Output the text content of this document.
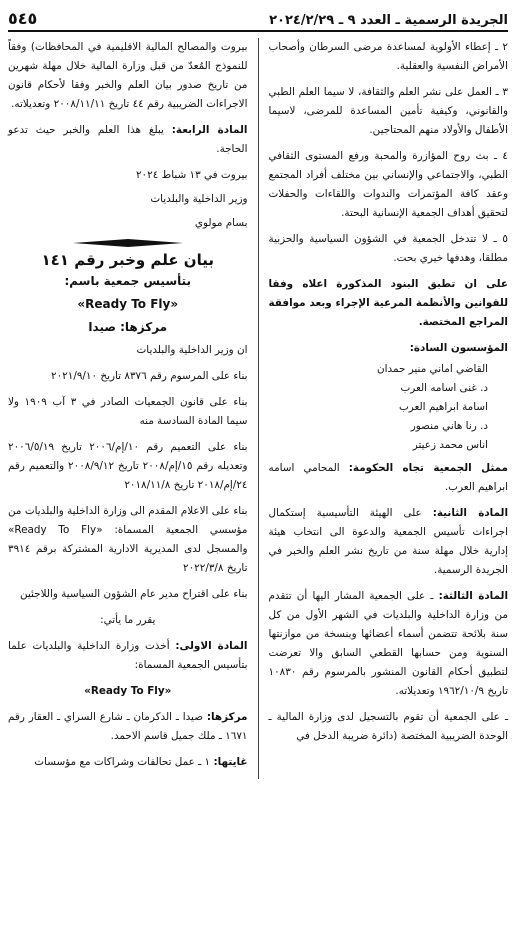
الجريدة الرسمية ـ العدد ٩ ـ ٢٠٢٤/٢/٢٩
٥٤٥

٢ ـ إعطاء الأولوية لمساعدة مرضى السرطان وأصحاب الأمراض النفسية والعقلية.

٣ ـ العمل على نشر العلم والثقافة، لا سيما العلم الطبي والقانوني، وكيفية تأمين المساعدة للمرضى، لاسيما الأطفال والأولاد منهم المحتاجين.

٤ ـ بث روح المؤازرة والمحبة ورفع المستوى الثقافي الطبي، والاجتماعي والإنساني بين مختلف أفراد المجتمع وعقد كافة المؤتمرات والندوات واللقاءات والحفلات لتحقيق أهداف الجمعية الإنسانية البحتة.

٥ ـ لا تتدخل الجمعية في الشؤون السياسية والحزبية مطلقا، وهدفها خيري بحت.

على ان تطبق البنود المذكورة اعلاه وفقا للقوانين والأنظمة المرعية الإجراء وبعد موافقة المراجع المختصة.

المؤسسون السادة:

القاضي اماني منير حمدان
د. غنى اسامه العرب
اسامة ابراهيم العرب
د. رنا هاني منصور
اناس محمد زعيتر

ممثل الجمعية تجاه الحكومة: المحامي اسامه ابراهيم العرب.

المادة الثانية: على الهيئة التأسيسية إستكمال اجراءات تأسيس الجمعية والدعوة الى انتخاب هيئة إدارية خلال مهلة سنة من تاريخ نشر العلم والخبر في الجريدة الرسمية.

المادة الثالثة: ـ على الجمعية المشار اليها أن تتقدم من وزارة الداخلية والبلديات في الشهر الأول من كل سنة بلائحة تتضمن أسماء أعضائها وبنسخة من موازنتها السنوية ومن حسابها القطعي السابق والا تعرضت لتطبيق أحكام القانون المنشور بالمرسوم رقم ١٠٨٣٠ تاريخ ١٩٦٢/١٠/٩ وتعديلاته.

ـ على الجمعية أن تقوم بالتسجيل لدى وزارة المالية ـ الوحدة الضريبية المختصة (دائرة ضريبة الدخل في

بيروت والمصالح المالية الاقليمية في المحافظات) وفقاً للنموذج المُعدّ من قبل وزارة المالية خلال مهلة شهرين من تاريخ صدور بيان العلم والخبر وفقا لأحكام قانون الاجراءات الضريبية رقم ٤٤ تاريخ ٢٠٠٨/١١/١١ وتعديلاته.

المادة الرابعة: يبلغ هذا العلم والخبر حيث تدعو الحاجة.

بيروت في ١٣ شباط ٢٠٢٤

وزير الداخلية والبلديات

بسام مولوي

بيان علم وخبر رقم ١٤١
بتأسيس جمعية باسم:
«Ready To Fly»
مركزها: صيدا

ان وزير الداخلية والبلديات

بناء على المرسوم رقم ٨٣٧٦ تاريخ ٢٠٢١/٩/١٠

بناء على قانون الجمعيات الصادر في ٣ آب ١٩٠٩ ولا سيما المادة السادسة منه

بناء على التعميم رقم ١٠/إم/٢٠٠٦ تاريخ ٢٠٠٦/٥/١٩ وتعديله رقم ١٥/إم/٢٠٠٨ تاريخ ٢٠٠٨/٩/١٢ والتعميم رقم ٢٤/إم/٢٠١٨ تاريخ ٢٠١٨/١١/٨

بناء على الاعلام المقدم الى وزارة الداخلية والبلديات من مؤسسي الجمعية المسماة: «Ready To Fly» والمسجل لدى المديرية الادارية المشتركة برقم ٣٩١٤ تاريخ ٢٠٢٢/٣/٨

بناء على اقتراح مدير عام الشؤون السياسية واللاجئين

يقرر ما يأتي:

المادة الاولى: أخذت وزارة الداخلية والبلديات علما بتأسيس الجمعية المسماة:

«Ready To Fly»

مركزها: صيدا ـ الدكرمان ـ شارع السراي ـ العقار رقم ١٦٧١ ـ ملك جميل قاسم الاحمد.

غايتها: ١ ـ عمل تحالفات وشراكات مع مؤسسات
